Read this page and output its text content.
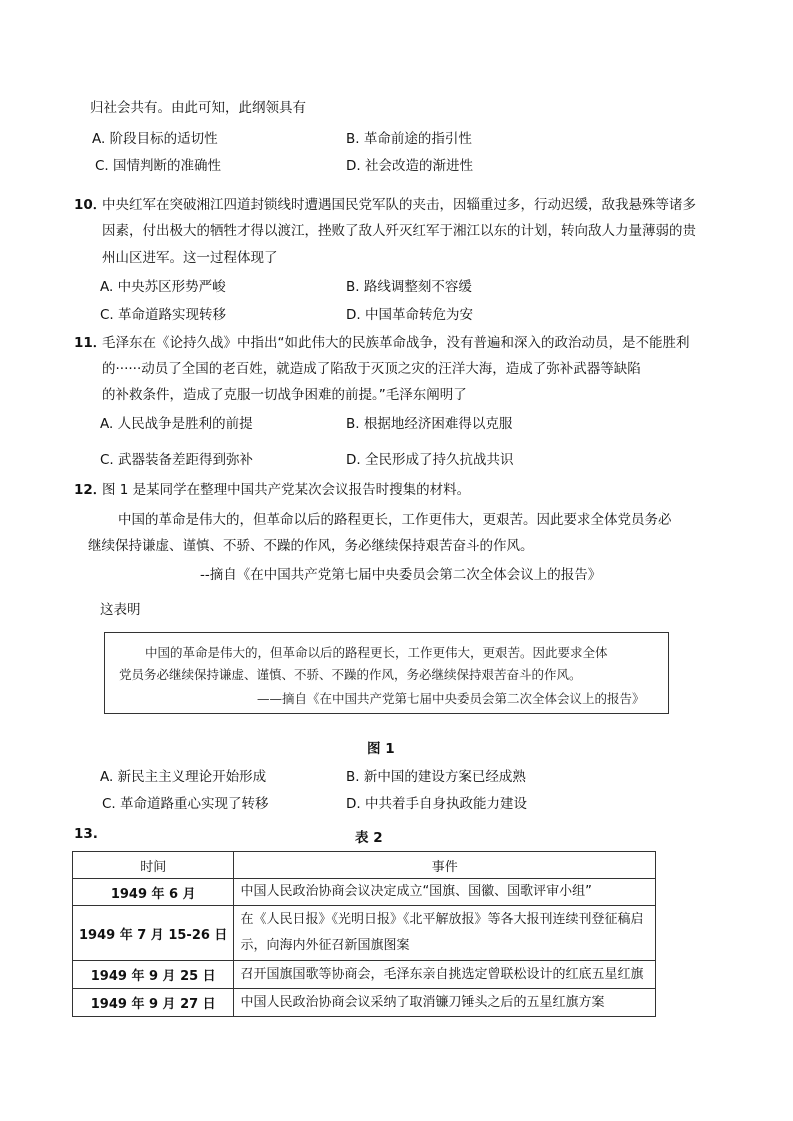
归社会共有。由此可知，此纲领具有
A. 阶段目标的适切性	B. 革命前途的指引性
C. 国情判断的准确性	D. 社会改造的渐进性
10．
中央红军在突破湘江四道封锁线时遭遇国民党军队的夹击，因辎重过多，行动迟缓，敌我悬殊等诸多
因素，付出极大的牺牲才得以渡江，挫败了敌人歼灭红军于湘江以东的计划，转向敌人力量薄弱的贵
州山区进军。这一过程体现了
A. 中央苏区形势严峻	B. 路线调整刻不容缓
C. 革命道路实现转移	D. 中国革命转危为安
11．
毛泽东在《论持久战》中指出“如此伟大的民族革命战争，没有普遍和深入的政治动员，是不能胜利
的······动员了全国的老百姓，就造成了陷敌于灭顶之灾的汪洋大海，造成了弥补武器等缺陷
的补救条件，造成了克服一切战争困难的前提。”毛泽东阐明了
A. 人民战争是胜利的前提	B. 根据地经济困难得以克服
C. 武器装备差距得到弥补	D. 全民形成了持久抗战共识
12．
图 1 是某同学在整理中国共产党某次会议报告时搜集的材料。
中国的革命是伟大的，但革命以后的路程更长，工作更伟大，更艰苦。因此要求全体党员务必
继续保持谦虚、谨慎、不骄、不躁的作风，务必继续保持艰苦奋斗的作风。
--摘自《在中国共产党第七届中央委员会第二次全体会议上的报告》
这表明
中国的革命是伟大的，但革命以后的路程更长，工作更伟大，更艰苦。因此要求全体
党员务必继续保持谦虚、谨慎、不骄、不躁的作风，务必继续保持艰苦奋斗的作风。
——摘自《在中国共产党第七届中央委员会第二次全体会议上的报告》
图 1
A. 新民主主义理论开始形成	B. 新中国的建设方案已经成熟
C. 革命道路重心实现了转移	D. 中共着手自身执政能力建设
13.	表 2
时间	事件
1949 年 6 月	中国人民政治协商会议决定成立“国旗、国徽、国歌评审小组”
1949 年 7 月 15-26 日	在《人民日报》《光明日报》《北平解放报》等各大报刊连续刊登征稿启示，向海内外征召新国旗图案
1949 年 9 月 25 日	召开国旗国歌等协商会，毛泽东亲自挑选定曾联松设计的红底五星红旗
1949 年 9 月 27 日	中国人民政治协商会议采纳了取消镰刀锤头之后的五星红旗方案
